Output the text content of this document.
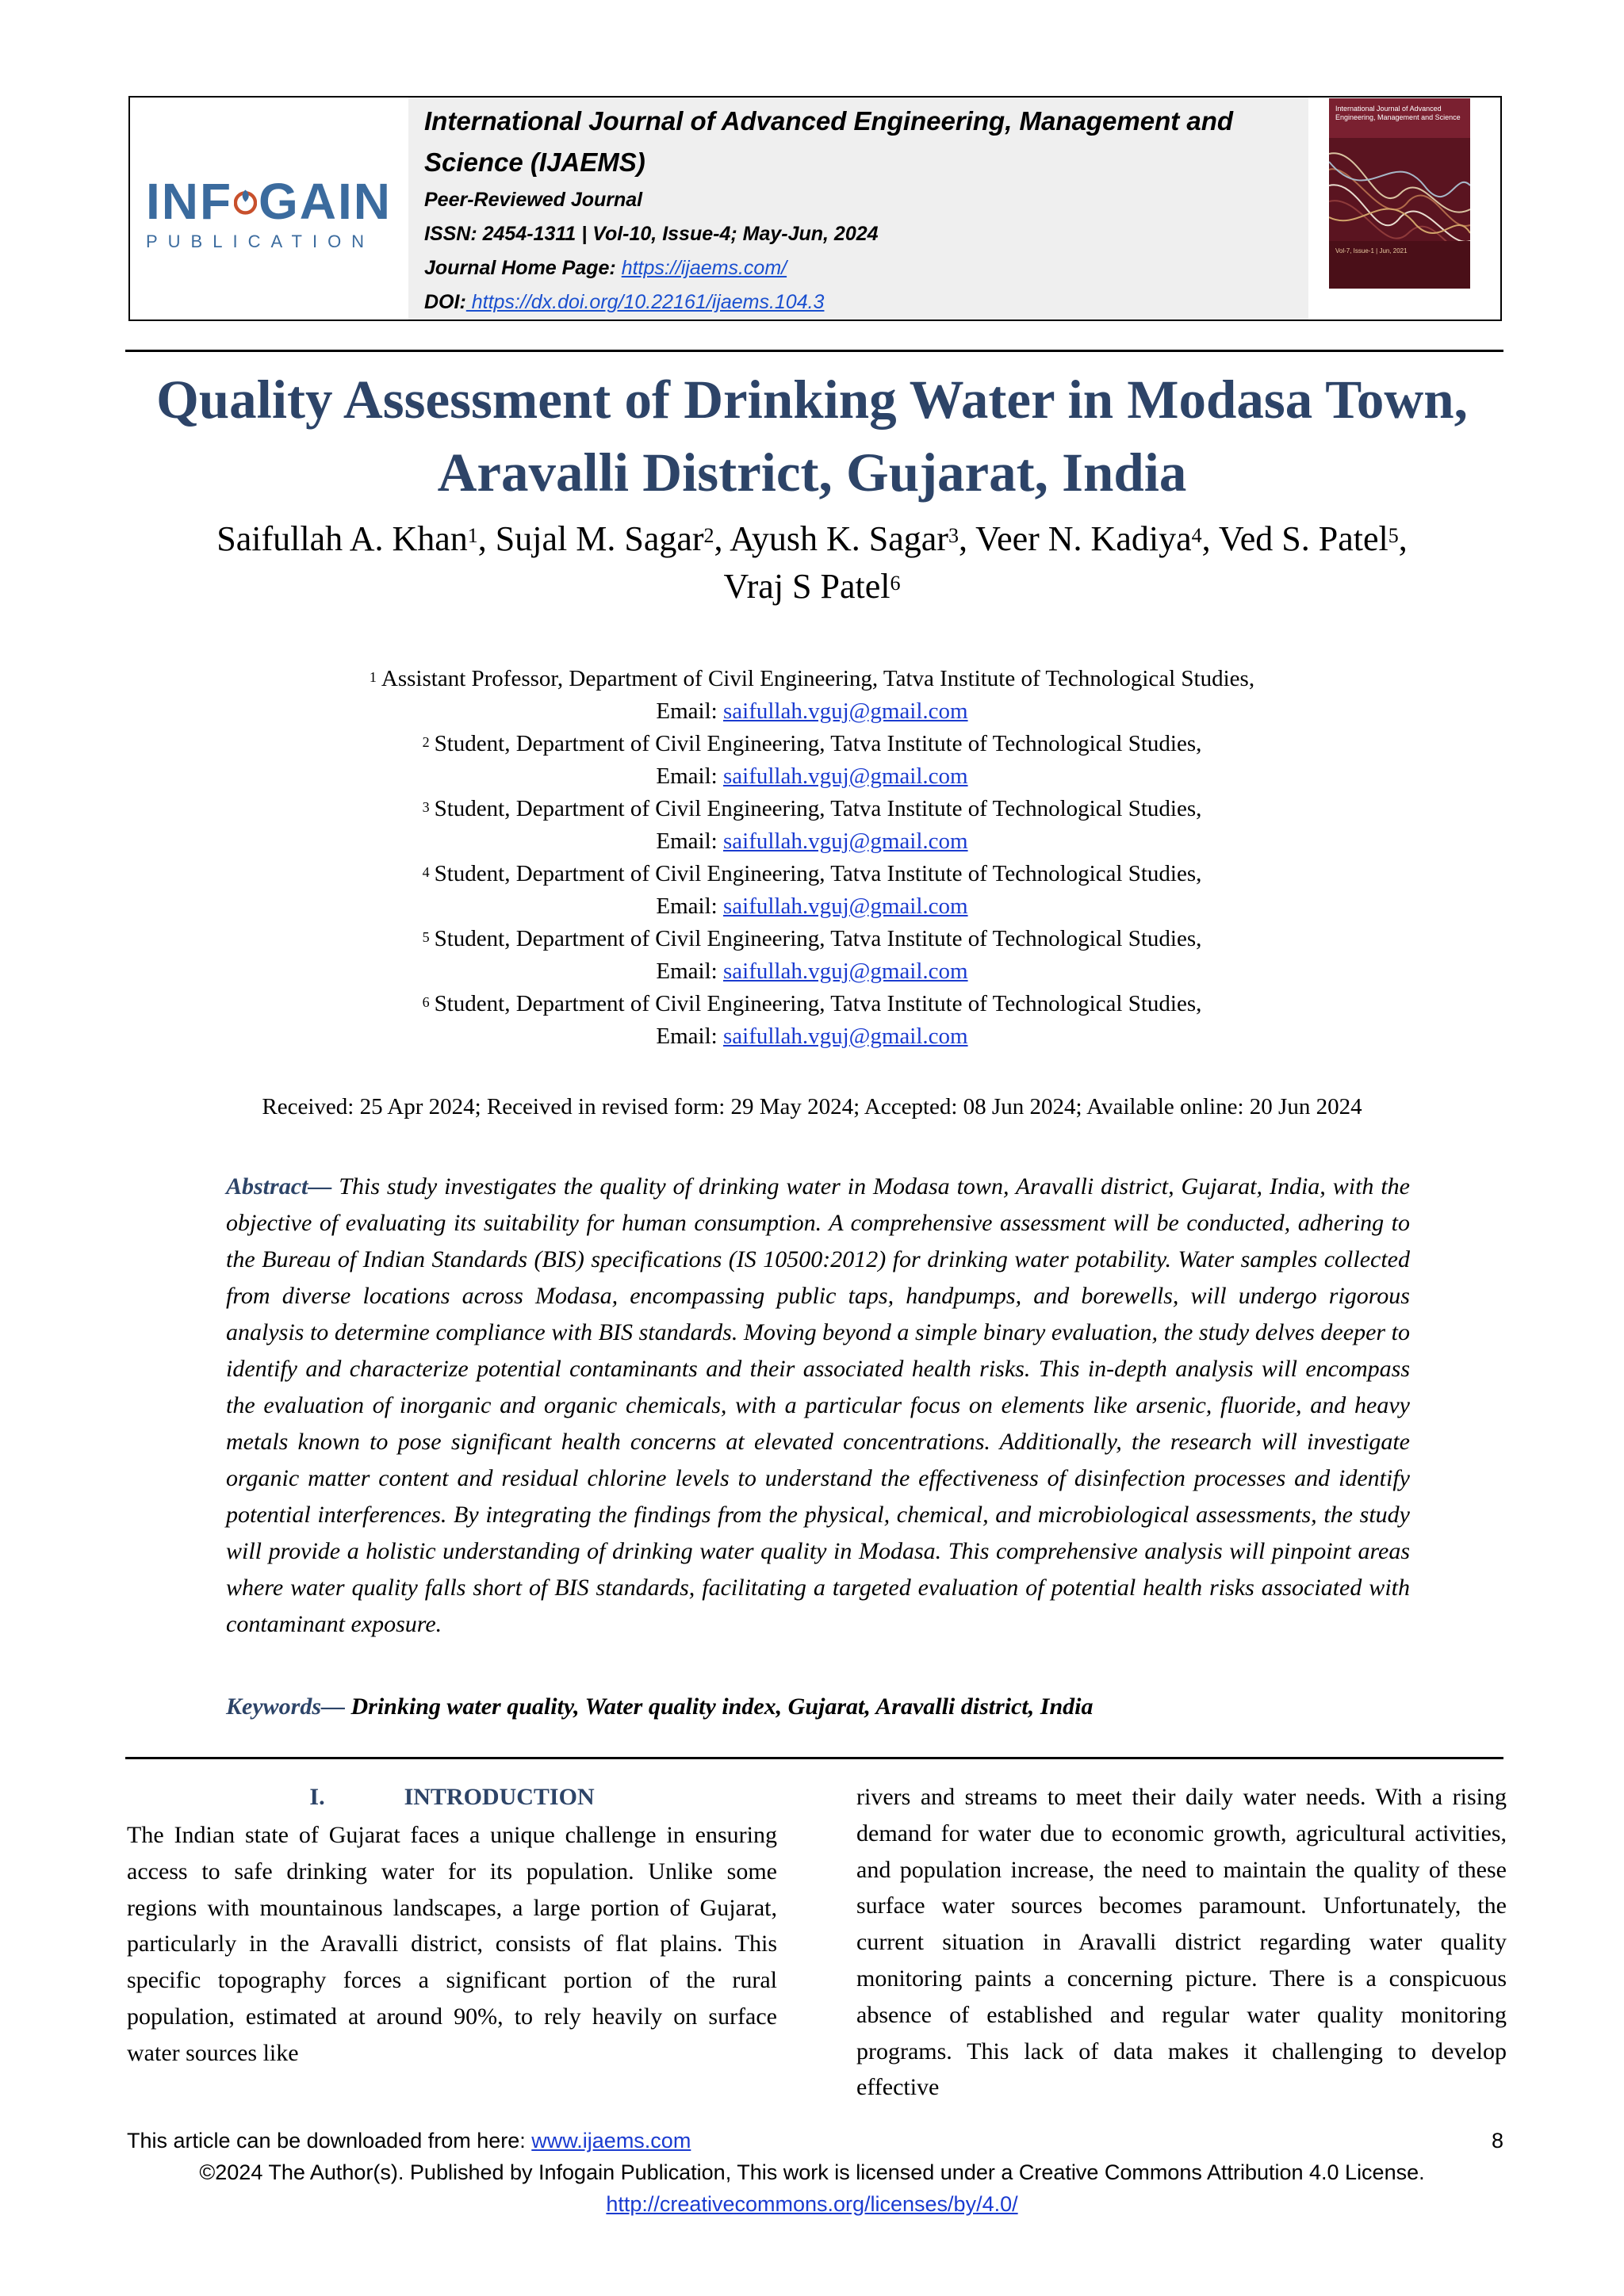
INF GAIN
PUBLICATION
International Journal of Advanced Engineering, Management and Science (IJAEMS)
Peer-Reviewed Journal
ISSN: 2454-1311 | Vol-10, Issue-4; May-Jun, 2024
Journal Home Page: https://ijaems.com/
DOI: https://dx.doi.org/10.22161/ijaems.104.3
International Journal of Advanced Engineering, Management and Science
Vol-7, Issue-1 | Jun, 2021
Quality Assessment of Drinking Water in Modasa Town,
Aravalli District, Gujarat, India
Saifullah A. Khan$^1$, Sujal M. Sagar$^2$, Ayush K. Sagar$^3$, Veer N. Kadiya$^4$, Ved S. Patel$^5$,
Vraj S Patel$^6$
$^1$ Assistant Professor, Department of Civil Engineering, Tatva Institute of Technological Studies,
Email: saifullah.vguj@gmail.com
$^2$ Student, Department of Civil Engineering, Tatva Institute of Technological Studies,
Email: saifullah.vguj@gmail.com
$^3$ Student, Department of Civil Engineering, Tatva Institute of Technological Studies,
Email: saifullah.vguj@gmail.com
$^4$ Student, Department of Civil Engineering, Tatva Institute of Technological Studies,
Email: saifullah.vguj@gmail.com
$^5$ Student, Department of Civil Engineering, Tatva Institute of Technological Studies,
Email: saifullah.vguj@gmail.com
$^6$ Student, Department of Civil Engineering, Tatva Institute of Technological Studies,
Email: saifullah.vguj@gmail.com
Received: 25 Apr 2024; Received in revised form: 29 May 2024; Accepted: 08 Jun 2024; Available online: 20 Jun 2024
Abstract— This study investigates the quality of drinking water in Modasa town, Aravalli district, Gujarat, India, with the objective of evaluating its suitability for human consumption. A comprehensive assessment will be conducted, adhering to the Bureau of Indian Standards (BIS) specifications (IS 10500:2012) for drinking water potability. Water samples collected from diverse locations across Modasa, encompassing public taps, handpumps, and borewells, will undergo rigorous analysis to determine compliance with BIS standards. Moving beyond a simple binary evaluation, the study delves deeper to identify and characterize potential contaminants and their associated health risks. This in-depth analysis will encompass the evaluation of inorganic and organic chemicals, with a particular focus on elements like arsenic, fluoride, and heavy metals known to pose significant health concerns at elevated concentrations. Additionally, the research will investigate organic matter content and residual chlorine levels to understand the effectiveness of disinfection processes and identify potential interferences. By integrating the findings from the physical, chemical, and microbiological assessments, the study will provide a holistic understanding of drinking water quality in Modasa. This comprehensive analysis will pinpoint areas where water quality falls short of BIS standards, facilitating a targeted evaluation of potential health risks associated with contaminant exposure.
Keywords— Drinking water quality, Water quality index, Gujarat, Aravalli district, India
I.	INTRODUCTION

The Indian state of Gujarat faces a unique challenge in ensuring access to safe drinking water for its population. Unlike some regions with mountainous landscapes, a large portion of Gujarat, particularly in the Aravalli district, consists of flat plains. This specific topography forces a significant portion of the rural population, estimated at around 90%, to rely heavily on surface water sources like

rivers and streams to meet their daily water needs. With a rising demand for water due to economic growth, agricultural activities, and population increase, the need to maintain the quality of these surface water sources becomes paramount. Unfortunately, the current situation in Aravalli district regarding water quality monitoring paints a concerning picture. There is a conspicuous absence of established and regular water quality monitoring programs. This lack of data makes it challenging to develop effective

This article can be downloaded from here: www.ijaems.com	8
©2024 The Author(s). Published by Infogain Publication, This work is licensed under a Creative Commons Attribution 4.0 License.
http://creativecommons.org/licenses/by/4.0/
